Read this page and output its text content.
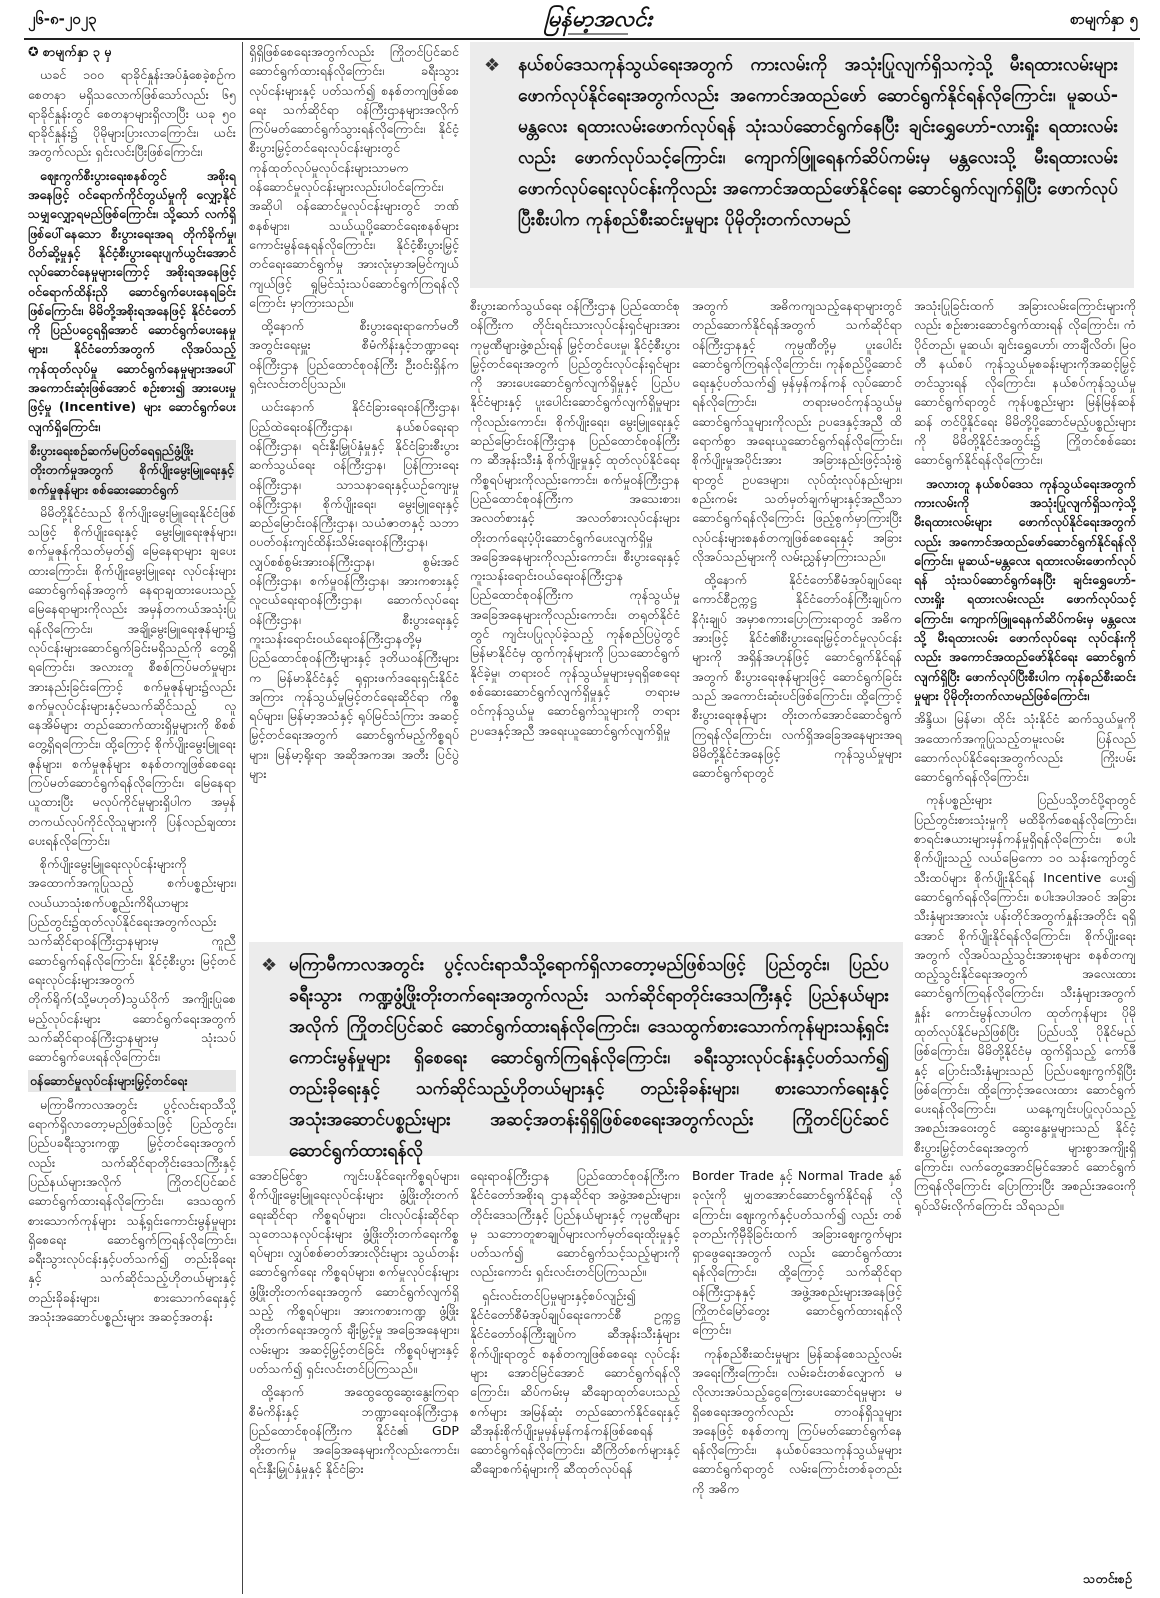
၂၆-၈-၂၀၂၃	မြန်မာ့အလင်း	စာမျက်နှာ ၅

✪ စာမျက်နှာ ၃ မှ

ယခင် ၁၀၀ ရာခိုင်နှုန်းအပ်နှံစေခဲ့စဉ်က စေတနာ မရှိသလောက်ဖြစ်သော်လည်း ၆၅ ရာခိုင်နှုန်းတွင် စေတနာများရှိလာပြီး ယခု ၅၀ ရာခိုင်နှုန်း၌ ပိုမိုများပြားလာကြောင်း၊ ယင်းအတွက်လည်း ရှင်းလင်းပြီးဖြစ်ကြောင်း၊

ဈေးကွက်စီးပွားရေးစနစ်တွင် အစိုးရအနေဖြင့် ဝင်ရောက်ကိုင်တွယ်မှုကို လျှော့နိုင်သမျှလျှော့ရမည်ဖြစ်ကြောင်း၊ သို့သော် လက်ရှိဖြစ်ပေါ်နေသော စီးပွားရေးအရ တိုက်ခိုက်မှု၊ ပိတ်ဆို့မှုနှင့် နိုင်ငံ့စီးပွားရေးပျက်ယွင်းအောင် လုပ်ဆောင်နေမှုများကြောင့် အစိုးရအနေဖြင့် ဝင်ရောက်ထိန်းညှိ ဆောင်ရွက်ပေးနေရခြင်းဖြစ်ကြောင်း၊ မိမိတို့အစိုးရအနေဖြင့် နိုင်ငံတော်ကို ပြည်ပငွေရရှိအောင် ဆောင်ရွက်ပေးနေမှုများ၊ နိုင်ငံတော်အတွက် လိုအပ်သည့်ကုန်ထုတ်လုပ်မှု ဆောင်ရွက်နေမှုများအပေါ် အကောင်းဆုံးဖြစ်အောင် စဉ်းစား၍ အားပေးမှုဖြင့်မှု (Incentive) များ ဆောင်ရွက်ပေးလျက်ရှိကြောင်း၊

စီးပွားရေးစဉ်ဆက်မပြတ်ရေရှည်ဖွံ့ဖြိုးတိုးတက်မှုအတွက် စိုက်ပျိုးမွေးမြူရေးနှင့် စက်မှုဇုန်များ စစ်ဆေးဆောင်ရွက်

မိမိတို့နိုင်ငံသည် စိုက်ပျိုးမွေးမြူရေးနိုင်ငံဖြစ်သဖြင့် စိုက်ပျိုးရေးနှင့် မွေးမြူရေးဇုန်များ၊ စက်မှုဇုန်ကိုသတ်မှတ်၍ မြေနေရာများ ချပေးထားကြောင်း၊ စိုက်ပျိုးမွေးမြူရေး လုပ်ငန်းများ ဆောင်ရွက်ရန်အတွက် နေရာချထားပေးသည့် မြေနေရာများကိုလည်း အမှန်တကယ်အသုံးပြုရန်လိုကြောင်း၊ အချို့မွေးမြူရေးဇုန်များ၌ လုပ်ငန်းများဆောင်ရွက်ခြင်းမရှိသည်ကို တွေ့ရှိရကြောင်း၊ အလားတူ စီစစ်ကြပ်မတ်မှုများ အားနည်းခြင်းကြောင့် စက်မှုဇုန်များ၌လည်း စက်မှုလုပ်ငန်းများနှင့်မသက်ဆိုင်သည့် လူနေအိမ်များ တည်ဆောက်ထားရှိမှုများကို စိစစ်တွေ့ရှိရကြောင်း၊ ထို့ကြောင့် စိုက်ပျိုးမွေးမြူရေးဇုန်များ၊ စက်မှုဇုန်များ စနစ်တကျဖြစ်စေရေး ကြပ်မတ်ဆောင်ရွက်ရန်လိုကြောင်း၊ မြေနေရာယူထားပြီး မလုပ်ကိုင်မှုများရှိပါက အမှန်တကယ်လုပ်ကိုင်လိုသူများကို ပြန်လည်ချထားပေးရန်လိုကြောင်း၊

စိုက်ပျိုးမွေးမြူရေးလုပ်ငန်းများကို အထောက်အကူပြုသည့် စက်ပစ္စည်းများ၊ လယ်ယာသုံးစက်ပစ္စည်းကိရိယာများ ပြည်တွင်း၌ထုတ်လုပ်နိုင်ရေးအတွက်လည်း သက်ဆိုင်ရာဝန်ကြီးဌာနများမှ ကူညီဆောင်ရွက်ရန်လိုကြောင်း၊ နိုင်ငံ့စီးပွား မြင့်တင်ရေးလုပ်ငန်းများအတွက် တိုက်ရိုက်(သို့မဟုတ်)သွယ်ဝိုက် အကျိုးပြုစေမည့်လုပ်ငန်းများ ဆောင်ရွက်ရေးအတွက် သက်ဆိုင်ရာဝန်ကြီးဌာနများမှ သုံးသပ်ဆောင်ရွက်ပေးရန်လိုကြောင်း၊

ဝန်ဆောင်မှုလုပ်ငန်းများမြှင့်တင်ရေး

မကြာမီကာလအတွင်း ပွင့်လင်းရာသီသို့ ရောက်ရှိလာတော့မည်ဖြစ်သဖြင့် ပြည်တွင်း၊ ပြည်ပခရီးသွားကဏ္ဍ မြှင့်တင်ရေးအတွက်လည်း သက်ဆိုင်ရာတိုင်းဒေသကြီးနှင့် ပြည်နယ်များအလိုက် ကြိုတင်ပြင်ဆင်ဆောင်ရွက်ထားရန်လိုကြောင်း၊ ဒေသထွက် စားသောက်ကုန်များ သန့်ရှင်းကောင်းမွန်မှုများရှိစေရေး ဆောင်ရွက်ကြရန်လိုကြောင်း၊ ခရီးသွားလုပ်ငန်းနှင့်ပတ်သက်၍ တည်းခိုရေးနှင့် သက်ဆိုင်သည့်ဟိုတယ်များနှင့် တည်းခိုခန်းများ၊ စားသောက်ရေးနှင့် အသုံးအဆောင်ပစ္စည်းများ အဆင့်အတန်း

ရှိရှိဖြစ်စေရေးအတွက်လည်း ကြိုတင်ပြင်ဆင် ဆောင်ရွက်ထားရန်လိုကြောင်း၊ ခရီးသွားလုပ်ငန်းများနှင့် ပတ်သက်၍ စနစ်တကျဖြစ်စေရေး သက်ဆိုင်ရာ ဝန်ကြီးဌာနများအလိုက် ကြပ်မတ်ဆောင်ရွက်သွားရန်လိုကြောင်း၊ နိုင်ငံ့စီးပွားမြှင့်တင်ရေးလုပ်ငန်းများတွင် ကုန်ထုတ်လုပ်မှုလုပ်ငန်းများသာမက ဝန်ဆောင်မှုလုပ်ငန်းများလည်းပါဝင်ကြောင်း၊ အဆိုပါ ဝန်ဆောင်မှုလုပ်ငန်းများတွင် ဘဏ်စနစ်များ၊ သယ်ယူပို့ဆောင်ရေးစနစ်များ ကောင်းမွန်နေရန်လိုကြောင်း၊ နိုင်ငံ့စီးပွားမြှင့်တင်ရေးဆောင်ရွက်မှု အားလုံးမှာအမြင်ကျယ်ကျယ်ဖြင့် ရှုမြင်သုံးသပ်ဆောင်ရွက်ကြရန်လိုကြောင်း မှာကြားသည်။

ထို့နောက် စီးပွားရေးရာကော်မတီ အတွင်းရေးမှူး စီမံကိန်းနှင့်ဘဏ္ဍာရေးဝန်ကြီးဌာန ပြည်ထောင်စုဝန်ကြီး ဦးဝင်းရှိန်က ရှင်းလင်းတင်ပြသည်။

ယင်းနောက် နိုင်ငံခြားရေးဝန်ကြီးဌာန၊ ပြည်ထဲရေးဝန်ကြီးဌာန၊ နယ်စပ်ရေးရာဝန်ကြီးဌာန၊ ရင်းနှီးမြှုပ်နှံမှုနှင့် နိုင်ငံခြားစီးပွားဆက်သွယ်ရေး ဝန်ကြီးဌာန၊ ပြန်ကြားရေးဝန်ကြီးဌာန၊ သာသနာရေးနှင့်ယဉ်ကျေးမှုဝန်ကြီးဌာန၊ စိုက်ပျိုးရေး၊ မွေးမြူရေးနှင့် ဆည်မြောင်းဝန်ကြီးဌာန၊ သယံဇာတနှင့် သဘာဝပတ်ဝန်းကျင်ထိန်းသိမ်းရေးဝန်ကြီးဌာန၊ လျှပ်စစ်စွမ်းအားဝန်ကြီးဌာန၊ စွမ်းအင်ဝန်ကြီးဌာန၊ စက်မှုဝန်ကြီးဌာန၊ အားကစားနှင့်လူငယ်ရေးရာဝန်ကြီးဌာန၊ ဆောက်လုပ်ရေးဝန်ကြီးဌာန၊ စီးပွားရေးနှင့် ကူးသန်းရောင်းဝယ်ရေးဝန်ကြီးဌာနတို့မှ ပြည်ထောင်စုဝန်ကြီးများနှင့် ဒုတိယဝန်ကြီးများက မြန်မာနိုင်ငံနှင့် ရုရှားဖက်ဒရေးရှင်းနိုင်ငံအကြား ကုန်သွယ်မှုမြင့်တင်ရေးဆိုင်ရာ ကိစ္စရပ်များ၊ မြန်မာ့အသံနှင့် ရုပ်မြင်သံကြား အဆင့်မြှင့်တင်ရေးအတွက် ဆောင်ရွက်မည့်ကိစ္စရပ်များ၊ မြန်မာ့ရိုးရာ အဆိုအကအ၊ အတီး ပြင်ပွဲများ

❖ နယ်စပ်ဒေသကုန်သွယ်ရေးအတွက် ကားလမ်းကို အသုံးပြုလျက်ရှိသကဲ့သို့ မီးရထားလမ်းများ ဖောက်လုပ်နိုင်ရေးအတွက်လည်း အကောင်အထည်ဖော် ဆောင်ရွက်နိုင်ရန်လိုကြောင်း၊ မူဆယ်-မန္တလေး ရထားလမ်းဖောက်လုပ်ရန် သုံးသပ်ဆောင်ရွက်နေပြီး ချင်းရွှေဟော်-လားရှိုး ရထားလမ်းလည်း ဖောက်လုပ်သင့်ကြောင်း၊ ကျောက်ဖြူရေနက်ဆိပ်ကမ်းမှ မန္တလေးသို့ မီးရထားလမ်းဖောက်လုပ်ရေးလုပ်ငန်းကိုလည်း အကောင်အထည်ဖော်နိုင်ရေး ဆောင်ရွက်လျက်ရှိပြီး ဖောက်လုပ်ပြီးစီးပါက ကုန်စည်စီးဆင်းမှုများ ပိုမိုတိုးတက်လာမည်

စီးပွားဆက်သွယ်ရေး ဝန်ကြီးဌာန ပြည်ထောင်စုဝန်ကြီးက တိုင်းရင်းသားလုပ်ငန်းရှင်များအား ကုမ္ပဏီများဖွဲ့စည်းရန် မြှင့်တင်ပေးမှု၊ နိုင်ငံ့စီးပွားမြှင့်တင်ရေးအတွက် ပြည်တွင်းလုပ်ငန်းရှင်များကို အားပေးဆောင်ရွက်လျက်ရှိမှုနှင့် ပြည်ပနိုင်ငံများနှင့် ပူးပေါင်းဆောင်ရွက်လျက်ရှိမှုများကိုလည်းကောင်း၊ စိုက်ပျိုးရေး၊ မွေးမြူရေးနှင့် ဆည်မြောင်းဝန်ကြီးဌာန ပြည်ထောင်စုဝန်ကြီးက ဆီအုန်းသီးနှံ စိုက်ပျိုးမှုနှင့် ထုတ်လုပ်နိုင်ရေးကိစ္စရပ်များကိုလည်းကောင်း၊ စက်မှုဝန်ကြီးဌာန ပြည်ထောင်စုဝန်ကြီးက အသေးစား၊ အလတ်စားနှင့် အလတ်စားလုပ်ငန်းများ တိုးတက်ရေးပံ့ပိုးဆောင်ရွက်ပေးလျက်ရှိမှု အခြေအနေများကိုလည်းကောင်း၊ စီးပွားရေးနှင့် ကူးသန်းရောင်းဝယ်ရေးဝန်ကြီးဌာန ပြည်ထောင်စုဝန်ကြီးက ကုန်သွယ်မှု အခြေအနေများကိုလည်းကောင်း၊ တရုတ်နိုင်ငံတွင် ကျင်းပပြုလုပ်ခဲ့သည့် ကုန်စည်ပြပွဲတွင် မြန်မာနိုင်ငံမှ ထွက်ကုန်များကို ပြသဆောင်ရွက်နိုင်ခဲ့မှု၊ တရားဝင် ကုန်သွယ်မှုများမှရရှိစေရေး စစ်ဆေးဆောင်ရွက်လျက်ရှိမှုနှင့် တရားမဝင်ကုန်သွယ်မှု ဆောင်ရွက်သူများကို တရားဥပဒေနှင့်အညီ အရေးယူဆောင်ရွက်လျက်ရှိမှု

အတွက် အဓိကကျသည့်နေရာများတွင် တည်ဆောက်နိုင်ရန်အတွက် သက်ဆိုင်ရာဝန်ကြီးဌာနနှင့် ကုမ္ပဏီတို့မှ ပူးပေါင်းဆောင်ရွက်ကြရန်လိုကြောင်း၊ ကုန်စည်ပို့ဆောင်ရေးနှင့်ပတ်သက်၍ မှန်မှန်ကန်ကန် လုပ်ဆောင်ရန်လိုကြောင်း၊ တရားမဝင်ကုန်သွယ်မှု ဆောင်ရွက်သူများကိုလည်း ဥပဒေနှင့်အညီ ထိရောက်စွာ အရေးယူဆောင်ရွက်ရန်လိုကြောင်း၊ စိုက်ပျိုးမှုအပိုင်းအား အခြားနည်းဖြင့်သုံးစွဲရာတွင် ဥပဒေများ၊ လုပ်ထုံးလုပ်နည်းများ၊ စည်းကမ်း သတ်မှတ်ချက်များနှင့်အညီသာ ဆောင်ရွက်ရန်လိုကြောင်း ဖြည့်စွက်မှာကြားပြီး လုပ်ငန်းများစနစ်တကျဖြစ်စေရေးနှင့် အခြားလိုအပ်သည်များကို လမ်းညွှန်မှာကြားသည်။

ထို့နောက် နိုင်ငံတော်စီမံအုပ်ချုပ်ရေးကောင်စီဥက္ကဋ္ဌ နိုင်ငံတော်ဝန်ကြီးချုပ်က နိဂုံးချုပ် အမှာစကားပြောကြားရာတွင် အဓိကအားဖြင့် နိုင်ငံ၏စီးပွားရေးမြှင့်တင်မှုလုပ်ငန်းများကို အရှိန်အဟုန်ဖြင့် ဆောင်ရွက်နိုင်ရန်အတွက် စီးပွားရေးဇုန်များဖြင့် ဆောင်ရွက်ခြင်းသည် အကောင်းဆုံးပင်ဖြစ်ကြောင်း၊ ထို့ကြောင့် စီးပွားရေးဇုန်များ တိုးတက်အောင်ဆောင်ရွက်ကြရန်လိုကြောင်း၊ လက်ရှိအခြေအနေများအရ မိမိတို့နိုင်ငံအနေဖြင့် ကုန်သွယ်မှုများ ဆောင်ရွက်ရာတွင်

အသုံးပြုခြင်းထက် အခြားလမ်းကြောင်းများကိုလည်း စဉ်းစားဆောင်ရွက်ထားရန် လိုကြောင်း၊ ကံပိုင်တည်၊ မူဆယ်၊ ချင်းရွှေဟော်၊ တာချီလိတ်၊ မြဝတီ နယ်စပ် ကုန်သွယ်မှုစခန်းများကိုအဆင့်မြှင့်တင်သွားရန် လိုကြောင်း၊ နယ်စပ်ကုန်သွယ်မှု ဆောင်ရွက်ရာတွင် ကုန်ပစ္စည်းများ မြန်မြန်ဆန်ဆန် တင်ပို့နိုင်ရေး မိမိတို့ပို့ဆောင်မည့်ပစ္စည်းများကို မိမိတို့နိုင်ငံအတွင်း၌ ကြိုတင်စစ်ဆေးဆောင်ရွက်နိုင်ရန်လိုကြောင်း၊

အလားတူ နယ်စပ်ဒေသ ကုန်သွယ်ရေးအတွက် ကားလမ်းကို အသုံးပြုလျက်ရှိသကဲ့သို့ မီးရထားလမ်းများ ဖောက်လုပ်နိုင်ရေးအတွက်လည်း အကောင်အထည်ဖော်ဆောင်ရွက်နိုင်ရန်လိုကြောင်း၊ မူဆယ်-မန္တလေး ရထားလမ်းဖောက်လုပ်ရန် သုံးသပ်ဆောင်ရွက်နေပြီး ချင်းရွှေဟော်-လားရှိုး ရထားလမ်းလည်း ဖောက်လုပ်သင့်ကြောင်း၊ ကျောက်ဖြူရေနက်ဆိပ်ကမ်းမှ မန္တလေးသို့ မီးရထားလမ်း ဖောက်လုပ်ရေး လုပ်ငန်းကိုလည်း အကောင်အထည်ဖော်နိုင်ရေး ဆောင်ရွက်လျက်ရှိပြီး ဖောက်လုပ်ပြီးစီးပါက ကုန်စည်စီးဆင်းမှုများ ပိုမိုတိုးတက်လာမည်ဖြစ်ကြောင်း၊

အိန္ဒိယ၊ မြန်မာ၊ ထိုင်း သုံးနိုင်ငံ ဆက်သွယ်မှုကို အထောက်အကူပြုသည့်တမူးလမ်း ပြန်လည်ဆောက်လုပ်နိုင်ရေးအတွက်လည်း ကြိုးပမ်းဆောင်ရွက်ရန်လိုကြောင်း၊

ကုန်ပစ္စည်းများ ပြည်ပသို့တင်ပို့ရာတွင် ပြည်တွင်းစားသုံးမှုကို မထိခိုက်စေရန်လိုကြောင်း၊ စာရင်းဇယားများမှန်ကန်မှုရှိရန်လိုကြောင်း၊ စပါးစိုက်ပျိုးသည့် လယ်မြေကော ၁ဝ သန်းကျော်တွင် သီးထပ်များ စိုက်ပျိုးနိုင်ရန် Incentive ပေး၍ ဆောင်ရွက်ရန်လိုကြောင်း၊ စပါးအပါအဝင် အခြားသီးနှံများအားလုံး ပန်းတိုင်အတွက်နှုန်းအတိုင်း ရရှိအောင် စိုက်ပျိုးနိုင်ရန်လိုကြောင်း၊ စိုက်ပျိုးရေးအတွက် လိုအပ်သည့်သွင်းအားစုများ စနစ်တကျ ထည့်သွင်းနိုင်ရေးအတွက် အလေးထား ဆောင်ရွက်ကြရန်လိုကြောင်း၊ သီးနှံများအတွက်နှုန်း ကောင်းမွန်လာပါက ထုတ်ကုန်များ ပိုမိုထုတ်လုပ်နိုင်မည်ဖြစ်ပြီး ပြည်ပသို့ ပိုနိုင်မည်ဖြစ်ကြောင်း၊ မိမိတို့နိုင်ငံမှ ထွက်ရှိသည့် ကော်ဖီနှင့် ပြောင်းသီးနှံများသည် ပြည်ပဈေးကွက်ရှိပြီးဖြစ်ကြောင်း၊ ထို့ကြောင့်အလေးထား ဆောင်ရွက်ပေးရန်လိုကြောင်း၊ ယနေ့ကျင်းပပြုလုပ်သည့် အစည်းအဝေးတွင် ဆွေးနွေးမှုများသည် နိုင်ငံ့စီးပွားမြှင့်တင်ရေးအတွက် များစွာအကျိုးရှိကြောင်း၊ လက်တွေ့အောင်မြင်အောင် ဆောင်ရွက်ကြရန်လိုကြောင်း ပြောကြားပြီး အစည်းအဝေးကို ရုပ်သိမ်းလိုက်ကြောင်း သိရသည်။

❖ မကြာမီကာလအတွင်း ပွင့်လင်းရာသီသို့ရောက်ရှိလာတော့မည်ဖြစ်သဖြင့် ပြည်တွင်း၊ ပြည်ပခရီးသွား ကဏ္ဍဖွံ့ဖြိုးတိုးတက်ရေးအတွက်လည်း သက်ဆိုင်ရာတိုင်းဒေသကြီးနှင့် ပြည်နယ်များအလိုက် ကြိုတင်ပြင်ဆင် ဆောင်ရွက်ထားရန်လိုကြောင်း၊ ဒေသထွက်စားသောက်ကုန်များသန့်ရှင်းကောင်းမွန်မှုများ ရှိစေရေး ဆောင်ရွက်ကြရန်လိုကြောင်း၊ ခရီးသွားလုပ်ငန်းနှင့်ပတ်သက်၍ တည်းခိုရေးနှင့် သက်ဆိုင်သည့်ဟိုတယ်များနှင့် တည်းခိုခန်းများ၊ စားသောက်ရေးနှင့် အသုံးအဆောင်ပစ္စည်းများ အဆင့်အတန်းရှိရှိဖြစ်စေရေးအတွက်လည်း ကြိုတင်ပြင်ဆင် ဆောင်ရွက်ထားရန်လို

အောင်မြင်စွာ ကျင်းပနိုင်ရေးကိစ္စရပ်များ၊ စိုက်ပျိုးမွေးမြူရေးလုပ်ငန်းများ ဖွံ့ဖြိုးတိုးတက်ရေးဆိုင်ရာ ကိစ္စရပ်များ၊ ငါးလုပ်ငန်းဆိုင်ရာ သုတေသနလုပ်ငန်းများ ဖွံ့ဖြိုးတိုးတက်ရေးကိစ္စရပ်များ၊ လျှပ်စစ်ဓာတ်အားလိုင်းများ သွယ်တန်းဆောင်ရွက်ရေး ကိစ္စရပ်များ၊ စက်မှုလုပ်ငန်းများ ဖွံ့ဖြိုးတိုးတက်ရေးအတွက် ဆောင်ရွက်လျက်ရှိသည့် ကိစ္စရပ်များ၊ အားကစားကဏ္ဍ ဖွံ့ဖြိုးတိုးတက်ရေးအတွက် ချီးမြှင့်မှု အခြေအနေများ၊ လမ်းများ အဆင့်မြှင့်တင်ခြင်း ကိစ္စရပ်များနှင့် ပတ်သက်၍ ရှင်းလင်းတင်ပြကြသည်။

ထို့နောက် အထွေထွေဆွေးနွေးကြရာ စီမံကိန်းနှင့် ဘဏ္ဍာရေးဝန်ကြီးဌာန ပြည်ထောင်စုဝန်ကြီးက နိုင်ငံ၏ GDP တိုးတက်မှု အခြေအနေများကိုလည်းကောင်း၊ ရင်းနှီးမြှုပ်နှံမှုနှင့် နိုင်ငံခြား

ရေးရာဝန်ကြီးဌာန ပြည်ထောင်စုဝန်ကြီးက နိုင်ငံတော်အစိုးရ ဌာနဆိုင်ရာ အဖွဲ့အစည်းများ၊ တိုင်းဒေသကြီးနှင့် ပြည်နယ်များနှင့် ကုမ္ပဏီများမှ သဘောတူစာချုပ်များလက်မှတ်ရေးထိုးမှုနှင့် ပတ်သက်၍ ဆောင်ရွက်သင့်သည့်များကိုလည်းကောင်း ရှင်းလင်းတင်ပြကြသည်။

ရှင်းလင်းတင်ပြမှုများနှင့်စပ်လျဉ်း၍ နိုင်ငံတော်စီမံအုပ်ချုပ်ရေးကောင်စီ ဥက္ကဋ္ဌ နိုင်ငံတော်ဝန်ကြီးချုပ်က ဆီအုန်းသီးနှံများစိုက်ပျိုးရာတွင် စနစ်တကျဖြစ်စေရေး လုပ်ငန်းများ အောင်မြင်အောင် ဆောင်ရွက်ရန်လိုကြောင်း၊ ဆိပ်ကမ်းမှ ဆီချောထုတ်ပေးသည့်စက်များ အမြန်ဆုံး တည်ဆောက်နိုင်ရေးနှင့် ဆီအုန်းစိုက်ပျိုးမှုမှန်မှန်ကန်ကန်ဖြစ်စေရန် ဆောင်ရွက်ရန်လိုကြောင်း၊ ဆီကြိတ်စက်များနှင့် ဆီချောစက်ရုံများကို ဆီထုတ်လုပ်ရန်

Border Trade နှင့် Normal Trade နှစ်ခုလုံးကို မျှတအောင်ဆောင်ရွက်နိုင်ရန် လိုကြောင်း၊ ဈေးကွက်နှင့်ပတ်သက်၍ လည်း တစ်ခုတည်းကိုမှီခိုခြင်းထက် အခြားဈေးကွက်များ ရှာဖွေရေးအတွက် လည်း ဆောင်ရွက်ထားရန်လိုကြောင်း၊ ထို့ကြောင့် သက်ဆိုင်ရာဝန်ကြီးဌာနနှင့် အဖွဲ့အစည်းများအနေဖြင့် ကြိုတင်မြော်တွေး ဆောင်ရွက်ထားရန်လိုကြောင်း၊

ကုန်စည်စီးဆင်းမှုများ မြန်ဆန်စေသည့်လမ်း အရေးကြီးကြောင်း၊ လမ်းခင်းတစ်လျှောက် မလိုလားအပ်သည့်ငွေကြေးပေးဆောင်ရမှုများ မရှိစေရေးအတွက်လည်း တာဝန်ရှိသူများအနေဖြင့် စနစ်တကျ ကြပ်မတ်ဆောင်ရွက်နေရန်လိုကြောင်း၊ နယ်စပ်ဒေသကုန်သွယ်မှုများ ဆောင်ရွက်ရာတွင် လမ်းကြောင်းတစ်ခုတည်းကို အဓိက

သတင်းစဉ်
